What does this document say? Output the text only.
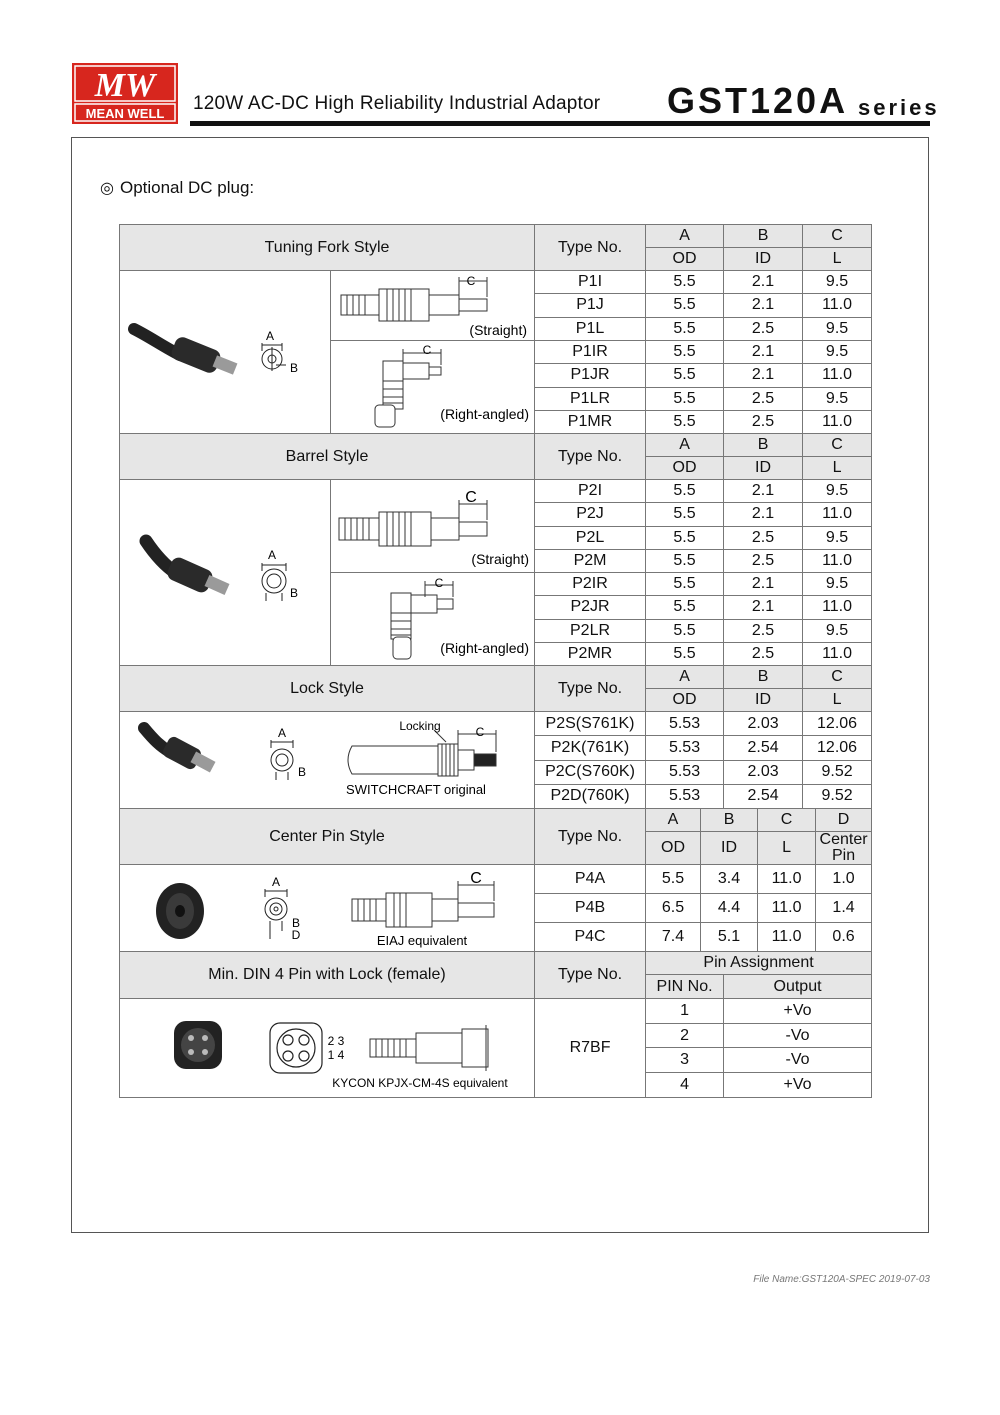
MW
MEAN WELL 120W AC-DC High Reliability Industrial Adaptor GST120A series
◎ Optional DC plug:
Tuning Fork Style		Type No.	A		B		C	
			OD		ID		L	

A
B	C
(Straight)	P1I	5.5		2.1		9.5	
		P1J	5.5		2.1		11.0	
		P1L	5.5		2.5		9.5	

C
(Right-angled)	P1IR	5.5		2.1		9.5	
		P1JR	5.5		2.1		11.0	
		P1LR	5.5		2.5		9.5	
		P1MR	5.5		2.5		11.0	
Barrel Style		Type No.	A		B		C	
			OD		ID		L	

A
B	C
(Straight)	P2I	5.5		2.1		9.5	
		P2J	5.5		2.1		11.0	
		P2L	5.5		2.5		9.5	
		P2M	5.5		2.5		11.0	

C
(Right-angled)	P2IR	5.5		2.1		9.5	
		P2JR	5.5		2.1		11.0	
		P2LR	5.5		2.5		9.5	
		P2MR	5.5		2.5		11.0	
Lock Style		Type No.	A		B		C	
			OD		ID		L	

A
B
Locking C
SWITCHCRAFT original		P2S(S761K)	5.53		2.03		12.06	
		P2K(761K)	5.53		2.54		12.06	
		P2C(S760K)	5.53		2.03		9.52	
		P2D(760K)	5.53		2.54		9.52	
Center Pin Style		Type No.	A	B		C		D
			OD	ID		L		Center Pin

A
B
D
C
EIAJ equivalent		P4A	5.5	3.4		11.0		1.0
		P4B	6.5	4.4		11.0		1.4
		P4C	7.4	5.1		11.0		0.6
Min. DIN 4 Pin with Lock (female)		Type No.	Pin Assignment					
			PIN No.		Output			

2 3
1 4
KYCON KPJX-CM-4S equivalent		R7BF	1		+Vo			
			2		-Vo			
			3		-Vo			
			4		+Vo			
File Name:GST120A-SPEC 2019-07-03
